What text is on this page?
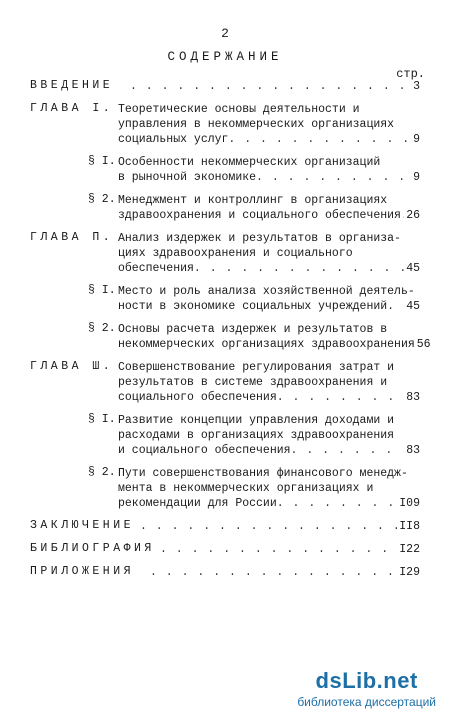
2
СОДЕРЖАНИЕ
стр.
ВВЕДЕНИЕ . . .	3
ГЛАВА I. Теоретические основы деятельности и
управления в некоммерческих организациях
социальных услуг . . .	9
§ I. Особенности некоммерческих организаций
в рыночной экономике . . .	9
§ 2. Менеджмент и контроллинг в организациях
здравоохранения и социального обеспечения . . . 26
ГЛАВА П. Анализ издержек и результатов в организа-
циях здравоохранения и социального
обеспечения . . .	45
§ I. Место и роль анализа хозяйственной деятель-
ности в экономике социальных учреждений . . . 45
§ 2. Основы расчета издержек и результатов в
некоммерческих организациях здравоохранения 56
ГЛАВА Ш. Совершенствование регулирования затрат и
результатов в системе здравоохранения и
социального обеспечения . . .	83
§ I. Развитие концепции управления доходами и
расходами в организациях здравоохранения
и социального обеспечения . . .	83
§ 2. Пути совершенствования финансового менедж-
мента в некоммерческих организациях и
рекомендации для России . . .	I09
ЗАКЛЮЧЕНИЕ . . .	II8
БИБЛИОГРАФИЯ . . .	I22
ПРИЛОЖЕНИЯ . . .	I29
dsLib.net
библиотека диссертаций
